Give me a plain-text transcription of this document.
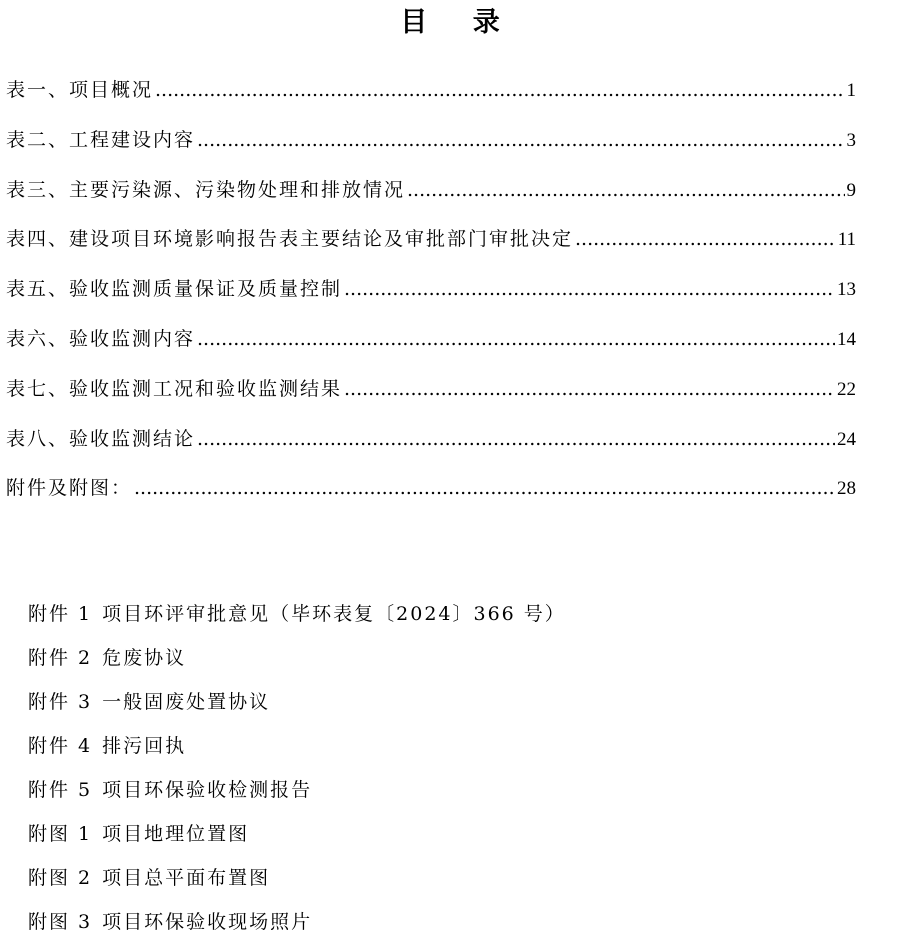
目 录
表一、项目概况 .....	1
表二、工程建设内容 .....	3
表三、主要污染源、污染物处理和排放情况 .....	9
表四、建设项目环境影响报告表主要结论及审批部门审批决定 .....	11
表五、验收监测质量保证及质量控制 .....	13
表六、验收监测内容 .....	14
表七、验收监测工况和验收监测结果 .....	22
表八、验收监测结论 .....	24
附件及附图： .....	28
附件 1 项目环评审批意见（毕环表复〔2024〕366 号）
附件 2 危废协议
附件 3 一般固废处置协议
附件 4 排污回执
附件 5 项目环保验收检测报告
附图 1 项目地理位置图
附图 2 项目总平面布置图
附图 3 项目环保验收现场照片
